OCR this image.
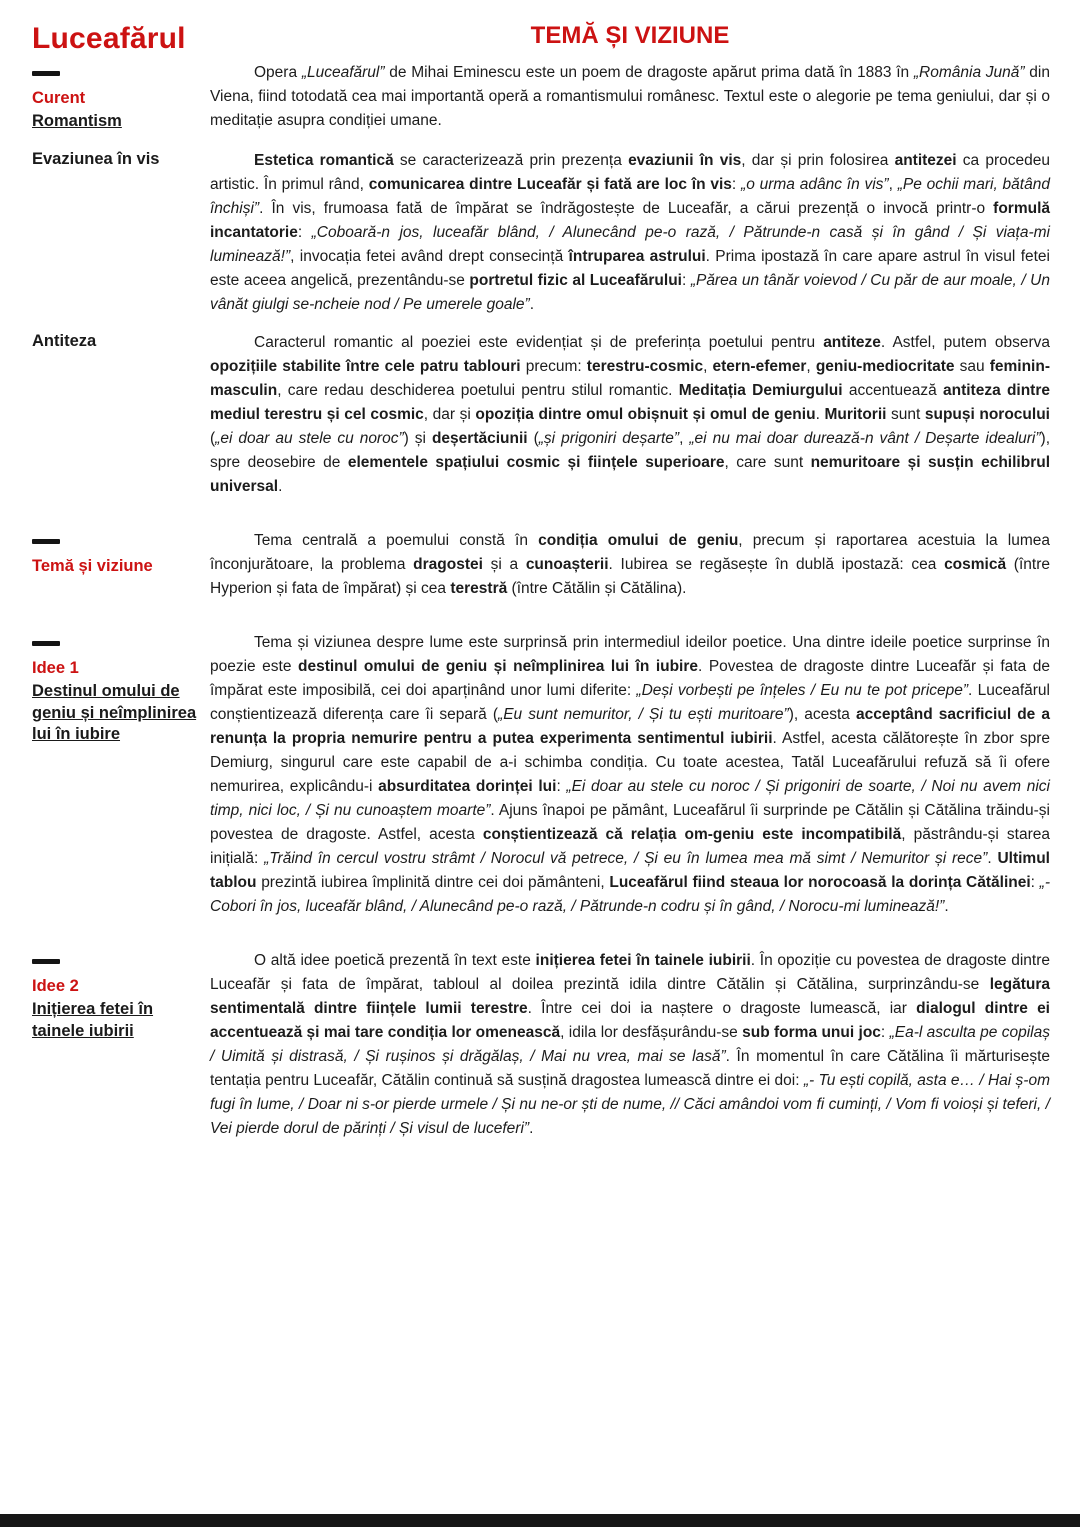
Luceafărul	TEMĂ ȘI VIZIUNE
Curent
Romantism

Opera „Luceafărul” de Mihai Eminescu este un poem de dragoste apărut prima dată în 1883 în „România Jună” din Viena, fiind totodată cea mai importantă operă a romantismului românesc. Textul este o alegorie pe tema geniului, dar și o meditație asupra condiției umane.

Evaziunea în vis	Estetica romantică se caracterizează prin prezența evaziunii în vis, dar și prin folosirea antitezei ca procedeu artistic. În primul rând, comunicarea dintre Luceafăr și fată are loc în vis: „o urma adânc în vis”, „Pe ochii mari, bătând închiși”. În vis, frumoasa fată de împărat se îndrăgostește de Luceafăr, a cărui prezență o invocă printr-o formulă incantatorie: „Coboară-n jos, luceafăr blând, / Alunecând pe-o rază, / Pătrunde-n casă și în gând / Și viața-mi luminează!”, invocația fetei având drept consecință întruparea astrului. Prima ipostază în care apare astrul în visul fetei este aceea angelică, prezentându-se portretul fizic al Luceafărului: „Părea un tânăr voievod / Cu păr de aur moale, / Un vânăt giulgi se-ncheie nod / Pe umerele goale”.

Antiteza	Caracterul romantic al poeziei este evidențiat și de preferința poetului pentru antiteze. Astfel, putem observa opozițiile stabilite între cele patru tablouri precum: terestru-cosmic, etern-efemer, geniu-mediocritate sau feminin-masculin, care redau deschiderea poetului pentru stilul romantic. Meditația Demiurgului accentuează antiteza dintre mediul terestru și cel cosmic, dar și opoziția dintre omul obișnuit și omul de geniu. Muritorii sunt supuși norocului („ei doar au stele cu noroc”) și deșertăciunii („și prigoniri deșarte”, „ei nu mai doar durează-n vânt / Deșarte idealuri”), spre deosebire de elementele spațiului cosmic și ființele superioare, care sunt nemuritoare și susțin echilibrul universal.

Temă și viziune

Tema centrală a poemului constă în condiția omului de geniu, precum și raportarea acestuia la lumea înconjurătoare, la problema dragostei și a cunoașterii. Iubirea se regăsește în dublă ipostază: cea cosmică (între Hyperion și fata de împărat) și cea terestră (între Cătălin și Cătălina).

Idee 1
Destinul omului de geniu și neîmplinirea lui în iubire

Tema și viziunea despre lume este surprinsă prin intermediul ideilor poetice. Una dintre ideile poetice surprinse în poezie este destinul omului de geniu și neîmplinirea lui în iubire. Povestea de dragoste dintre Luceafăr și fata de împărat este imposibilă, cei doi aparținând unor lumi diferite: „Deși vorbești pe înțeles / Eu nu te pot pricepe”. Luceafărul conștientizează diferența care îi separă („Eu sunt nemuritor, / Și tu ești muritoare”), acesta acceptând sacrificiul de a renunța la propria nemurire pentru a putea experimenta sentimentul iubirii. Astfel, acesta călătorește în zbor spre Demiurg, singurul care este capabil de a-i schimba condiția. Cu toate acestea, Tatăl Luceafărului refuză să îi ofere nemurirea, explicându-i absurditatea dorinței lui: „Ei doar au stele cu noroc / Și prigoniri de soarte, / Noi nu avem nici timp, nici loc, / Și nu cunoaștem moarte”. Ajuns înapoi pe pământ, Luceafărul îi surprinde pe Cătălin și Cătălina trăindu-și povestea de dragoste. Astfel, acesta conștientizează că relația om-geniu este incompatibilă, păstrându-și starea inițială: „Trăind în cercul vostru strâmt / Norocul vă petrece, / Și eu în lumea mea mă simt / Nemuritor și rece”. Ultimul tablou prezintă iubirea împlinită dintre cei doi pământeni, Luceafărul fiind steaua lor norocoasă la dorința Cătălinei: „- Cobori în jos, luceafăr blând, / Alunecând pe-o rază, / Pătrunde-n codru și în gând, / Norocu-mi luminează!”.

Idee 2
Inițierea fetei în tainele iubirii

O altă idee poetică prezentă în text este inițierea fetei în tainele iubirii. În opoziție cu povestea de dragoste dintre Luceafăr și fata de împărat, tabloul al doilea prezintă idila dintre Cătălin și Cătălina, surprinzându-se legătura sentimentală dintre ființele lumii terestre. Între cei doi ia naștere o dragoste lumească, iar dialogul dintre ei accentuează și mai tare condiția lor omenească, idila lor desfășurându-se sub forma unui joc: „Ea-l asculta pe copilaș / Uimită și distrasă, / Și rușinos și drăgălaș, / Mai nu vrea, mai se lasă”. În momentul în care Cătălina îi mărturisește tentația pentru Luceafăr, Cătălin continuă să susțină dragostea lumească dintre ei doi: „- Tu ești copilă, asta e… / Hai ș-om fugi în lume, / Doar ni s-or pierde urmele / Și nu ne-or ști de nume, // Căci amândoi vom fi cuminți, / Vom fi voioși și teferi, / Vei pierde dorul de părinți / Și visul de luceferi”.
